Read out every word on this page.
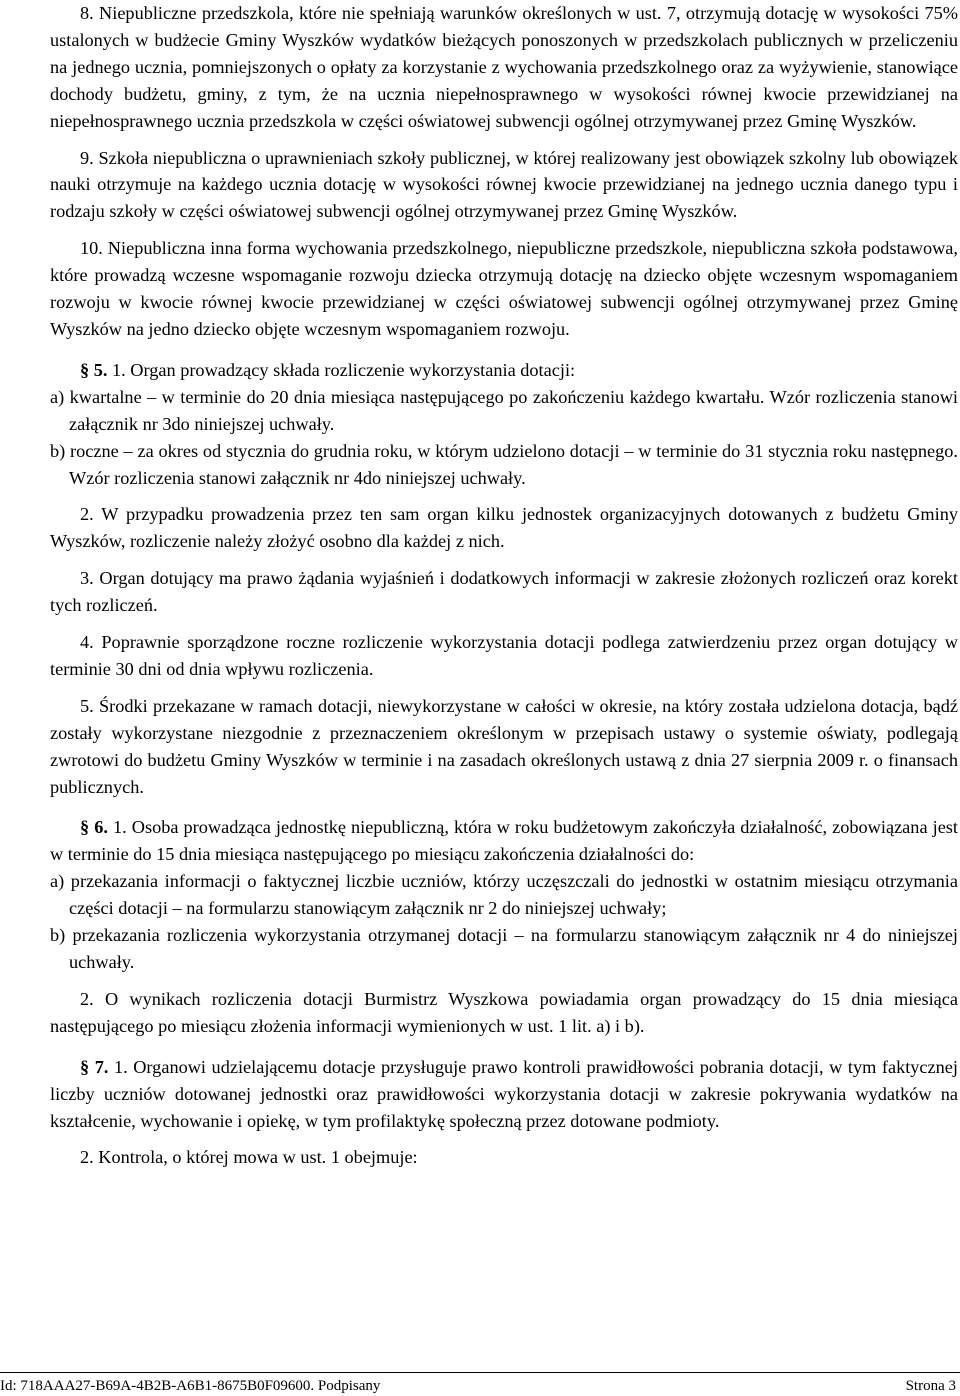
8. Niepubliczne przedszkola, które nie spełniają warunków określonych w ust. 7, otrzymują dotację w wysokości 75% ustalonych w budżecie Gminy Wyszków wydatków bieżących ponoszonych w przedszkolach publicznych w przeliczeniu na jednego ucznia, pomniejszonych o opłaty za korzystanie z wychowania przedszkolnego oraz za wyżywienie, stanowiące dochody budżetu, gminy, z tym, że na ucznia niepełnosprawnego w wysokości równej kwocie przewidzianej na niepełnosprawnego ucznia przedszkola w części oświatowej subwencji ogólnej otrzymywanej przez Gminę Wyszków.

9. Szkoła niepubliczna o uprawnieniach szkoły publicznej, w której realizowany jest obowiązek szkolny lub obowiązek nauki otrzymuje na każdego ucznia dotację w wysokości równej kwocie przewidzianej na jednego ucznia danego typu i rodzaju szkoły w części oświatowej subwencji ogólnej otrzymywanej przez Gminę Wyszków.

10. Niepubliczna inna forma wychowania przedszkolnego, niepubliczne przedszkole, niepubliczna szkoła podstawowa, które prowadzą wczesne wspomaganie rozwoju dziecka otrzymują dotację na dziecko objęte wczesnym wspomaganiem rozwoju w kwocie równej kwocie przewidzianej w części oświatowej subwencji ogólnej otrzymywanej przez Gminę Wyszków na jedno dziecko objęte wczesnym wspomaganiem rozwoju.

§ 5. 1. Organ prowadzący składa rozliczenie wykorzystania dotacji:

a) kwartalne – w terminie do 20 dnia miesiąca następującego po zakończeniu każdego kwartału. Wzór rozliczenia stanowi załącznik nr 3do niniejszej uchwały.

b) roczne – za okres od stycznia do grudnia roku, w którym udzielono dotacji – w terminie do 31 stycznia roku następnego. Wzór rozliczenia stanowi załącznik nr 4do niniejszej uchwały.

2. W przypadku prowadzenia przez ten sam organ kilku jednostek organizacyjnych dotowanych z budżetu Gminy Wyszków, rozliczenie należy złożyć osobno dla każdej z nich.

3. Organ dotujący ma prawo żądania wyjaśnień i dodatkowych informacji w zakresie złożonych rozliczeń oraz korekt tych rozliczeń.

4. Poprawnie sporządzone roczne rozliczenie wykorzystania dotacji podlega zatwierdzeniu przez organ dotujący w terminie 30 dni od dnia wpływu rozliczenia.

5. Środki przekazane w ramach dotacji, niewykorzystane w całości w okresie, na który została udzielona dotacja, bądź zostały wykorzystane niezgodnie z przeznaczeniem określonym w przepisach ustawy o systemie oświaty, podlegają zwrotowi do budżetu Gminy Wyszków w terminie i na zasadach określonych ustawą z dnia 27 sierpnia 2009 r. o finansach publicznych.

§ 6. 1. Osoba prowadząca jednostkę niepubliczną, która w roku budżetowym zakończyła działalność, zobowiązana jest w terminie do 15 dnia miesiąca następującego po miesiącu zakończenia działalności do:

a) przekazania informacji o faktycznej liczbie uczniów, którzy uczęszczali do jednostki w ostatnim miesiącu otrzymania części dotacji – na formularzu stanowiącym załącznik nr 2 do niniejszej uchwały;

b) przekazania rozliczenia wykorzystania otrzymanej dotacji – na formularzu stanowiącym załącznik nr 4 do niniejszej uchwały.

2. O wynikach rozliczenia dotacji Burmistrz Wyszkowa powiadamia organ prowadzący do 15 dnia miesiąca następującego po miesiącu złożenia informacji wymienionych w ust. 1 lit. a) i b).

§ 7. 1. Organowi udzielającemu dotacje przysługuje prawo kontroli prawidłowości pobrania dotacji, w tym faktycznej liczby uczniów dotowanej jednostki oraz prawidłowości wykorzystania dotacji w zakresie pokrywania wydatków na kształcenie, wychowanie i opiekę, w tym profilaktykę społeczną przez dotowane podmioty.

2. Kontrola, o której mowa w ust. 1 obejmuje:

Id: 718AAA27-B69A-4B2B-A6B1-8675B0F09600. Podpisany	Strona 3
